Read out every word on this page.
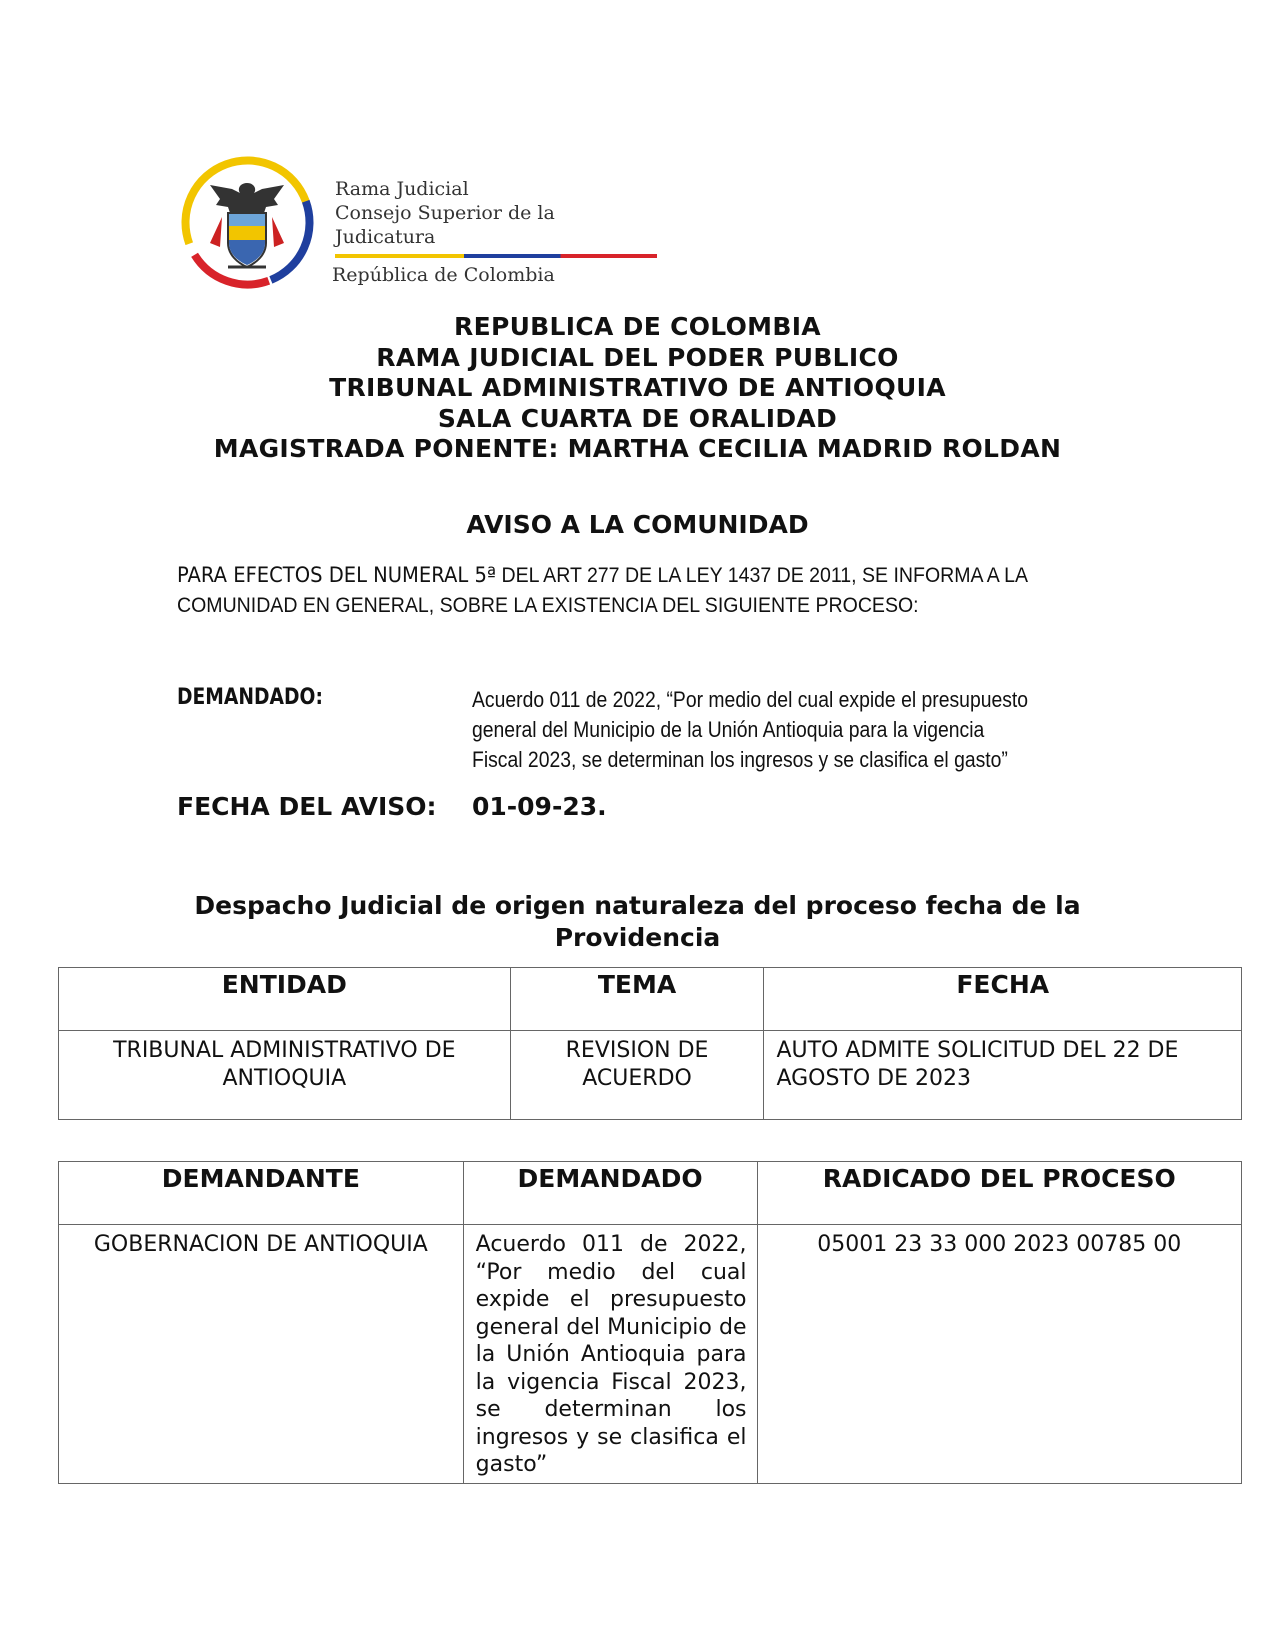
Rama Judicial
Consejo Superior de la Judicatura
República de Colombia
REPUBLICA DE COLOMBIA
RAMA JUDICIAL DEL PODER PUBLICO
TRIBUNAL ADMINISTRATIVO DE ANTIOQUIA
SALA CUARTA DE ORALIDAD
MAGISTRADA PONENTE: MARTHA CECILIA MADRID ROLDAN
AVISO A LA COMUNIDAD
PARA EFECTOS DEL NUMERAL 5ª DEL ART 277 DE LA LEY 1437 DE 2011, SE INFORMA A LA COMUNIDAD EN GENERAL, SOBRE LA EXISTENCIA DEL SIGUIENTE PROCESO:
DEMANDADO:	Acuerdo 011 de 2022, “Por medio del cual expide el presupuesto general del Municipio de la Unión Antioquia para la vigencia Fiscal 2023, se determinan los ingresos y se clasifica el gasto”
FECHA DEL AVISO: 01-09-23.
Despacho Judicial de origen naturaleza del proceso fecha de la
Providencia
ENTIDAD	TEMA	FECHA
TRIBUNAL ADMINISTRATIVO DE ANTIOQUIA	REVISION DE ACUERDO	AUTO ADMITE SOLICITUD DEL 22 DE AGOSTO DE 2023
DEMANDANTE	DEMANDADO	RADICADO DEL PROCESO
GOBERNACION DE ANTIOQUIA	Acuerdo 011 de 2022, “Por medio del cual expide el presupuesto general del Municipio de la Unión Antioquia para la vigencia Fiscal 2023, se determinan los ingresos y se clasifica el gasto”	05001 23 33 000 2023 00785 00
